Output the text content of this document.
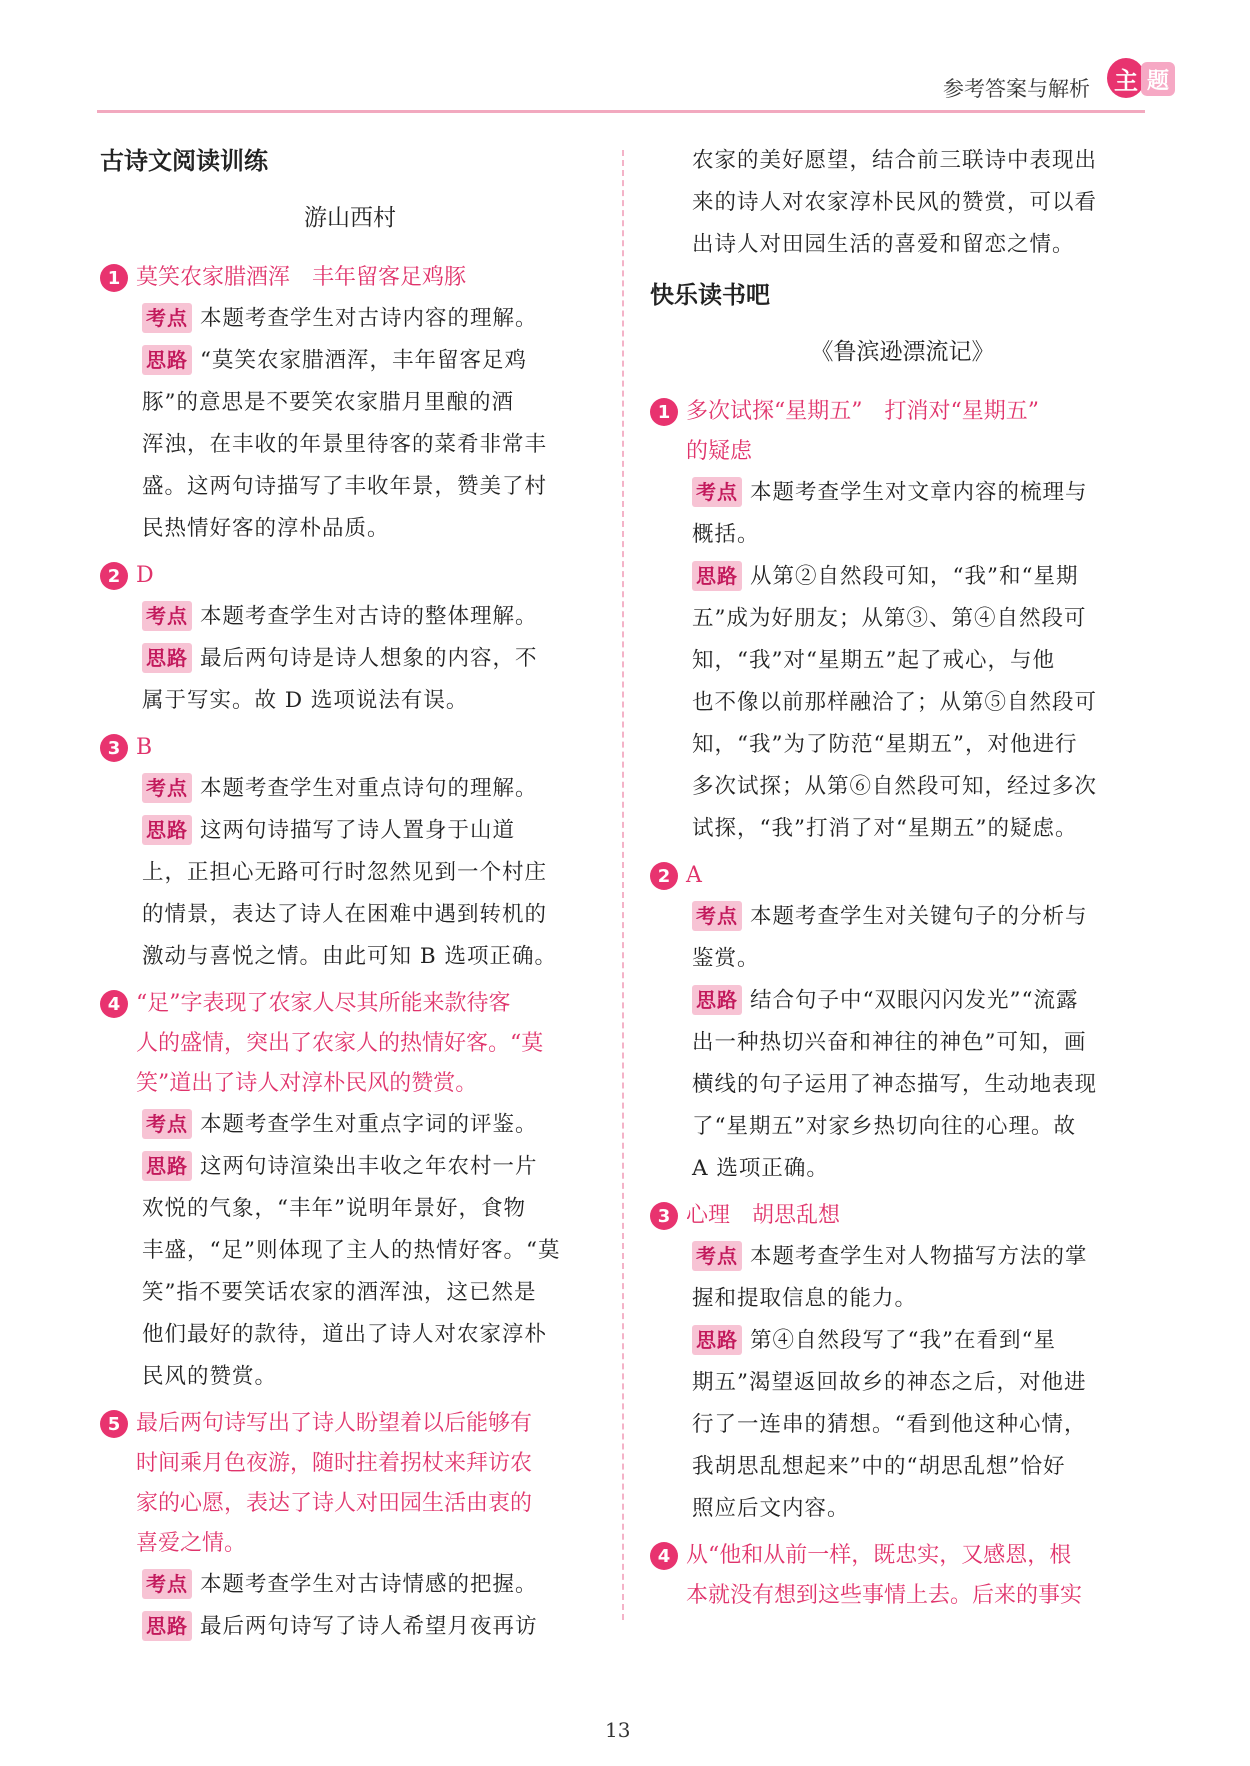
参考答案与解析 主 题
古诗文阅读训练
游山西村
1 莫笑农家腊酒浑　丰年留客足鸡豚
考点 本题考查学生对古诗内容的理解。
思路 “莫笑农家腊酒浑，丰年留客足鸡
豚”的意思是不要笑农家腊月里酿的酒
浑浊，在丰收的年景里待客的菜肴非常丰
盛。这两句诗描写了丰收年景，赞美了村
民热情好客的淳朴品质。
2 D
考点 本题考查学生对古诗的整体理解。
思路 最后两句诗是诗人想象的内容，不
属于写实。故 D 选项说法有误。
3 B
考点 本题考查学生对重点诗句的理解。
思路 这两句诗描写了诗人置身于山道
上，正担心无路可行时忽然见到一个村庄
的情景，表达了诗人在困难中遇到转机的
激动与喜悦之情。由此可知 B 选项正确。
4 “足”字表现了农家人尽其所能来款待客
人的盛情，突出了农家人的热情好客。“莫
笑”道出了诗人对淳朴民风的赞赏。
考点 本题考查学生对重点字词的评鉴。
思路 这两句诗渲染出丰收之年农村一片
欢悦的气象，“丰年”说明年景好，食物
丰盛，“足”则体现了主人的热情好客。“莫
笑”指不要笑话农家的酒浑浊，这已然是
他们最好的款待，道出了诗人对农家淳朴
民风的赞赏。
5 最后两句诗写出了诗人盼望着以后能够有
时间乘月色夜游，随时拄着拐杖来拜访农
家的心愿，表达了诗人对田园生活由衷的
喜爱之情。
考点 本题考查学生对古诗情感的把握。
思路 最后两句诗写了诗人希望月夜再访
农家的美好愿望，结合前三联诗中表现出
来的诗人对农家淳朴民风的赞赏，可以看
出诗人对田园生活的喜爱和留恋之情。
快乐读书吧
《鲁滨逊漂流记》
1 多次试探“星期五”　打消对“星期五”
的疑虑
考点 本题考查学生对文章内容的梳理与
概括。
思路 从第②自然段可知，“我”和“星期
五”成为好朋友；从第③、第④自然段可
知，“我”对“星期五”起了戒心，与他
也不像以前那样融洽了；从第⑤自然段可
知，“我”为了防范“星期五”，对他进行
多次试探；从第⑥自然段可知，经过多次
试探，“我”打消了对“星期五”的疑虑。
2 A
考点 本题考查学生对关键句子的分析与
鉴赏。
思路 结合句子中“双眼闪闪发光”“流露
出一种热切兴奋和神往的神色”可知，画
横线的句子运用了神态描写，生动地表现
了“星期五”对家乡热切向往的心理。故
A 选项正确。
3 心理　胡思乱想
考点 本题考查学生对人物描写方法的掌
握和提取信息的能力。
思路 第④自然段写了“我”在看到“星
期五”渴望返回故乡的神态之后，对他进
行了一连串的猜想。“看到他这种心情，
我胡思乱想起来”中的“胡思乱想”恰好
照应后文内容。
4 从“他和从前一样，既忠实，又感恩，根
本就没有想到这些事情上去。后来的事实
13
